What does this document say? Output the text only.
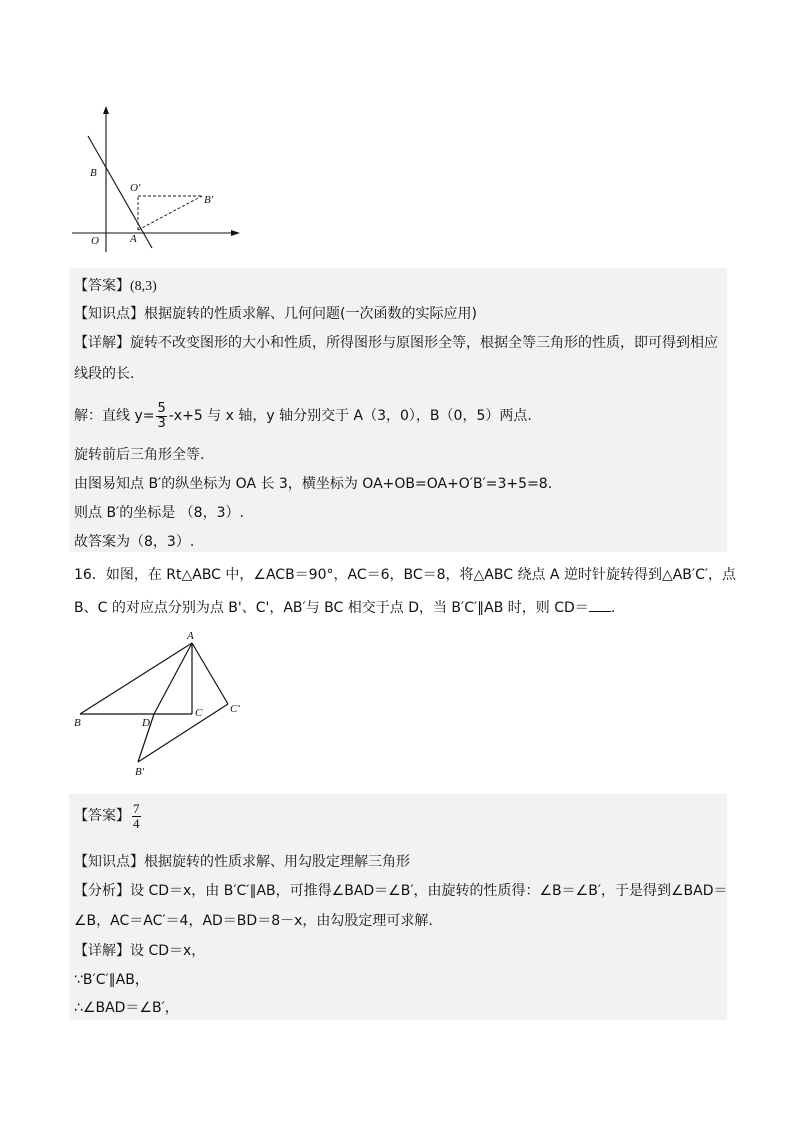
B
O'
B'
O	A
【答案】(8,3)
【知识点】根据旋转的性质求解、几何问题(一次函数的实际应用)
【详解】旋转不改变图形的大小和性质，所得图形与原图形全等，根据全等三角形的性质，即可得到相应
线段的长.
解：直线 $y= \frac{5}{3} -x+5$ 与 x 轴，y 轴分别交于 A（3，0），B（0，5）两点.
旋转前后三角形全等.
由图易知点 B′的纵坐标为 OA 长 3，横坐标为 OA+OB=OA+O′B′=3+5=8.
则点 B′的坐标是 （8，3）.
故答案为（8，3）.
16．如图，在 Rt△ABC 中，∠ACB＝90°，AC＝6，BC＝8，将△ABC 绕点 A 逆时针旋转得到△AB′C′，点
B、C 的对应点分别为点 B'、C'，AB′与 BC 相交于点 D，当 B′C′∥AB 时，则 CD＝ .
A
B	D
C	C'
B'
【答案】 $\frac{7}{4}$
【知识点】根据旋转的性质求解、用勾股定理解三角形
【分析】设 CD＝x，由 B′C′∥AB，可推得∠BAD＝∠B′，由旋转的性质得：∠B＝∠B′，于是得到∠BAD＝
∠B，AC＝AC′＝4，AD＝BD＝8－x，由勾股定理可求解.
【详解】设 CD＝x，
∵B′C′∥AB，
∴∠BAD＝∠B′，
